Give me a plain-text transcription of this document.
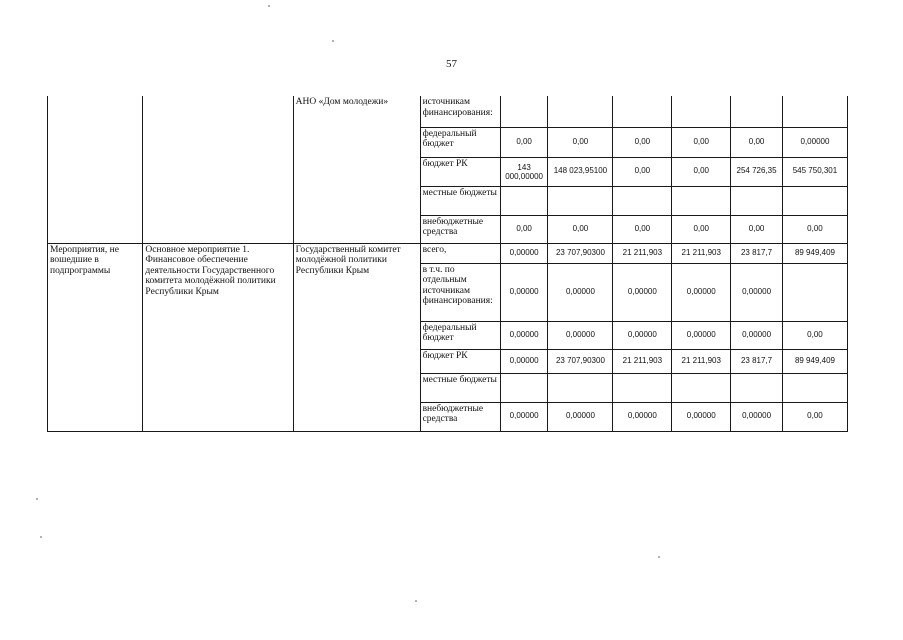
57
		АНО «Дом молодежи»	источникам финансирования:						
			федеральный бюджет	0,00	0,00	0,00	0,00	0,00	0,00000
			бюджет РК	143 000,00000	148 023,95100	0,00	0,00	254 726,35	545 750,301
			местные бюджеты						
			внебюджетные средства	0,00	0,00	0,00	0,00	0,00	0,00
Мероприятия, не вошедшие в подпрограммы	Основное мероприятие 1. Финансовое обеспечение деятельности Государственного комитета молодёжной политики Республики Крым	Государственный комитет молодёжной политики Республики Крым	всего,	0,00000	23 707,90300	21 211,903	21 211,903	23 817,7	89 949,409
			в т.ч. по отдельным источникам финансирования:	0,00000	0,00000	0,00000	0,00000	0,00000	
			федеральный бюджет	0,00000	0,00000	0,00000	0,00000	0,00000	0,00
			бюджет РК	0,00000	23 707,90300	21 211,903	21 211,903	23 817,7	89 949,409
			местные бюджеты						
			внебюджетные средства	0,00000	0,00000	0,00000	0,00000	0,00000	0,00
